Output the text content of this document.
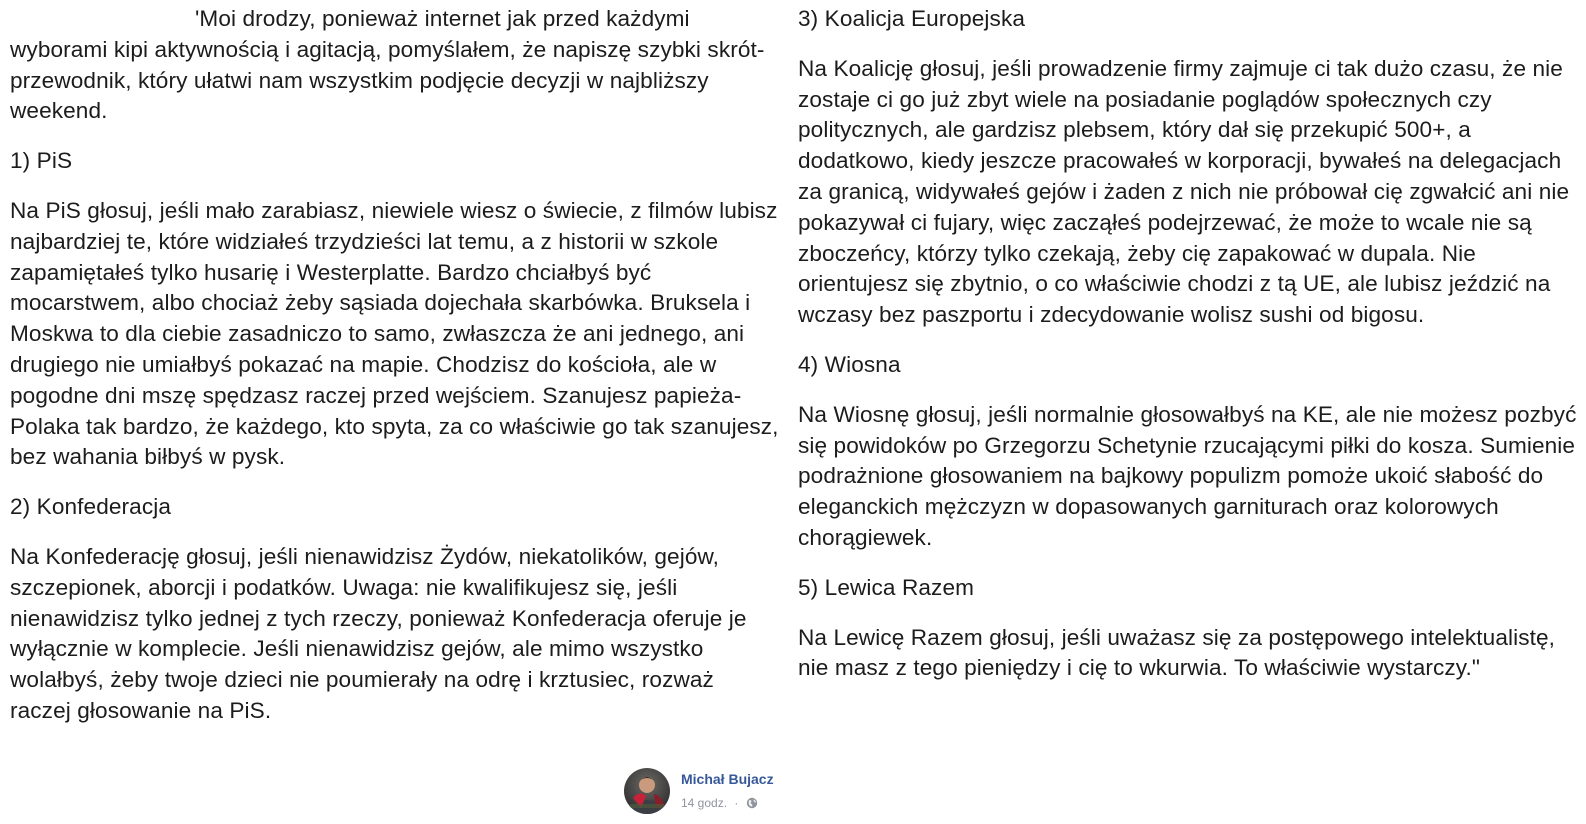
'Moi drodzy, ponieważ internet jak przed każdymi wyborami kipi aktywnością i agitacją, pomyślałem, że napiszę szybki skrót-przewodnik, który ułatwi nam wszystkim podjęcie decyzji w najbliższy weekend.

1) PiS

Na PiS głosuj, jeśli mało zarabiasz, niewiele wiesz o świecie, z filmów lubisz najbardziej te, które widziałeś trzydzieści lat temu, a z historii w szkole zapamiętałeś tylko husarię i Westerplatte. Bardzo chciałbyś być mocarstwem, albo chociaż żeby sąsiada dojechała skarbówka. Bruksela i Moskwa to dla ciebie zasadniczo to samo, zwłaszcza że ani jednego, ani drugiego nie umiałbyś pokazać na mapie. Chodzisz do kościoła, ale w pogodne dni mszę spędzasz raczej przed wejściem. Szanujesz papieża-Polaka tak bardzo, że każdego, kto spyta, za co właściwie go tak szanujesz, bez wahania biłbyś w pysk.

2) Konfederacja

Na Konfederację głosuj, jeśli nienawidzisz Żydów, niekatolików, gejów, szczepionek, aborcji i podatków. Uwaga: nie kwalifikujesz się, jeśli nienawidzisz tylko jednej z tych rzeczy, ponieważ Konfederacja oferuje je wyłącznie w komplecie. Jeśli nienawidzisz gejów, ale mimo wszystko wolałbyś, żeby twoje dzieci nie poumierały na odrę i krztusiec, rozważ raczej głosowanie na PiS.

3) Koalicja Europejska

Na Koalicję głosuj, jeśli prowadzenie firmy zajmuje ci tak dużo czasu, że nie zostaje ci go już zbyt wiele na posiadanie poglądów społecznych czy politycznych, ale gardzisz plebsem, który dał się przekupić 500+, a dodatkowo, kiedy jeszcze pracowałeś w korporacji, bywałeś na delegacjach za granicą, widywałeś gejów i żaden z nich nie próbował cię zgwałcić ani nie pokazywał ci fujary, więc zacząłeś podejrzewać, że może to wcale nie są zboczeńcy, którzy tylko czekają, żeby cię zapakować w dupala. Nie orientujesz się zbytnio, o co właściwie chodzi z tą UE, ale lubisz jeździć na wczasy bez paszportu i zdecydowanie wolisz sushi od bigosu.

4) Wiosna

Na Wiosnę głosuj, jeśli normalnie głosowałbyś na KE, ale nie możesz pozbyć się powidoków po Grzegorzu Schetynie rzucającymi piłki do kosza. Sumienie podrażnione głosowaniem na bajkowy populizm pomoże ukoić słabość do eleganckich mężczyzn w dopasowanych garniturach oraz kolorowych chorągiewek.

5) Lewica Razem

Na Lewicę Razem głosuj, jeśli uważasz się za postępowego intelektualistę, nie masz z tego pieniędzy i cię to wkurwia. To właściwie wystarczy."

Michał Bujacz
14 godz. ·
